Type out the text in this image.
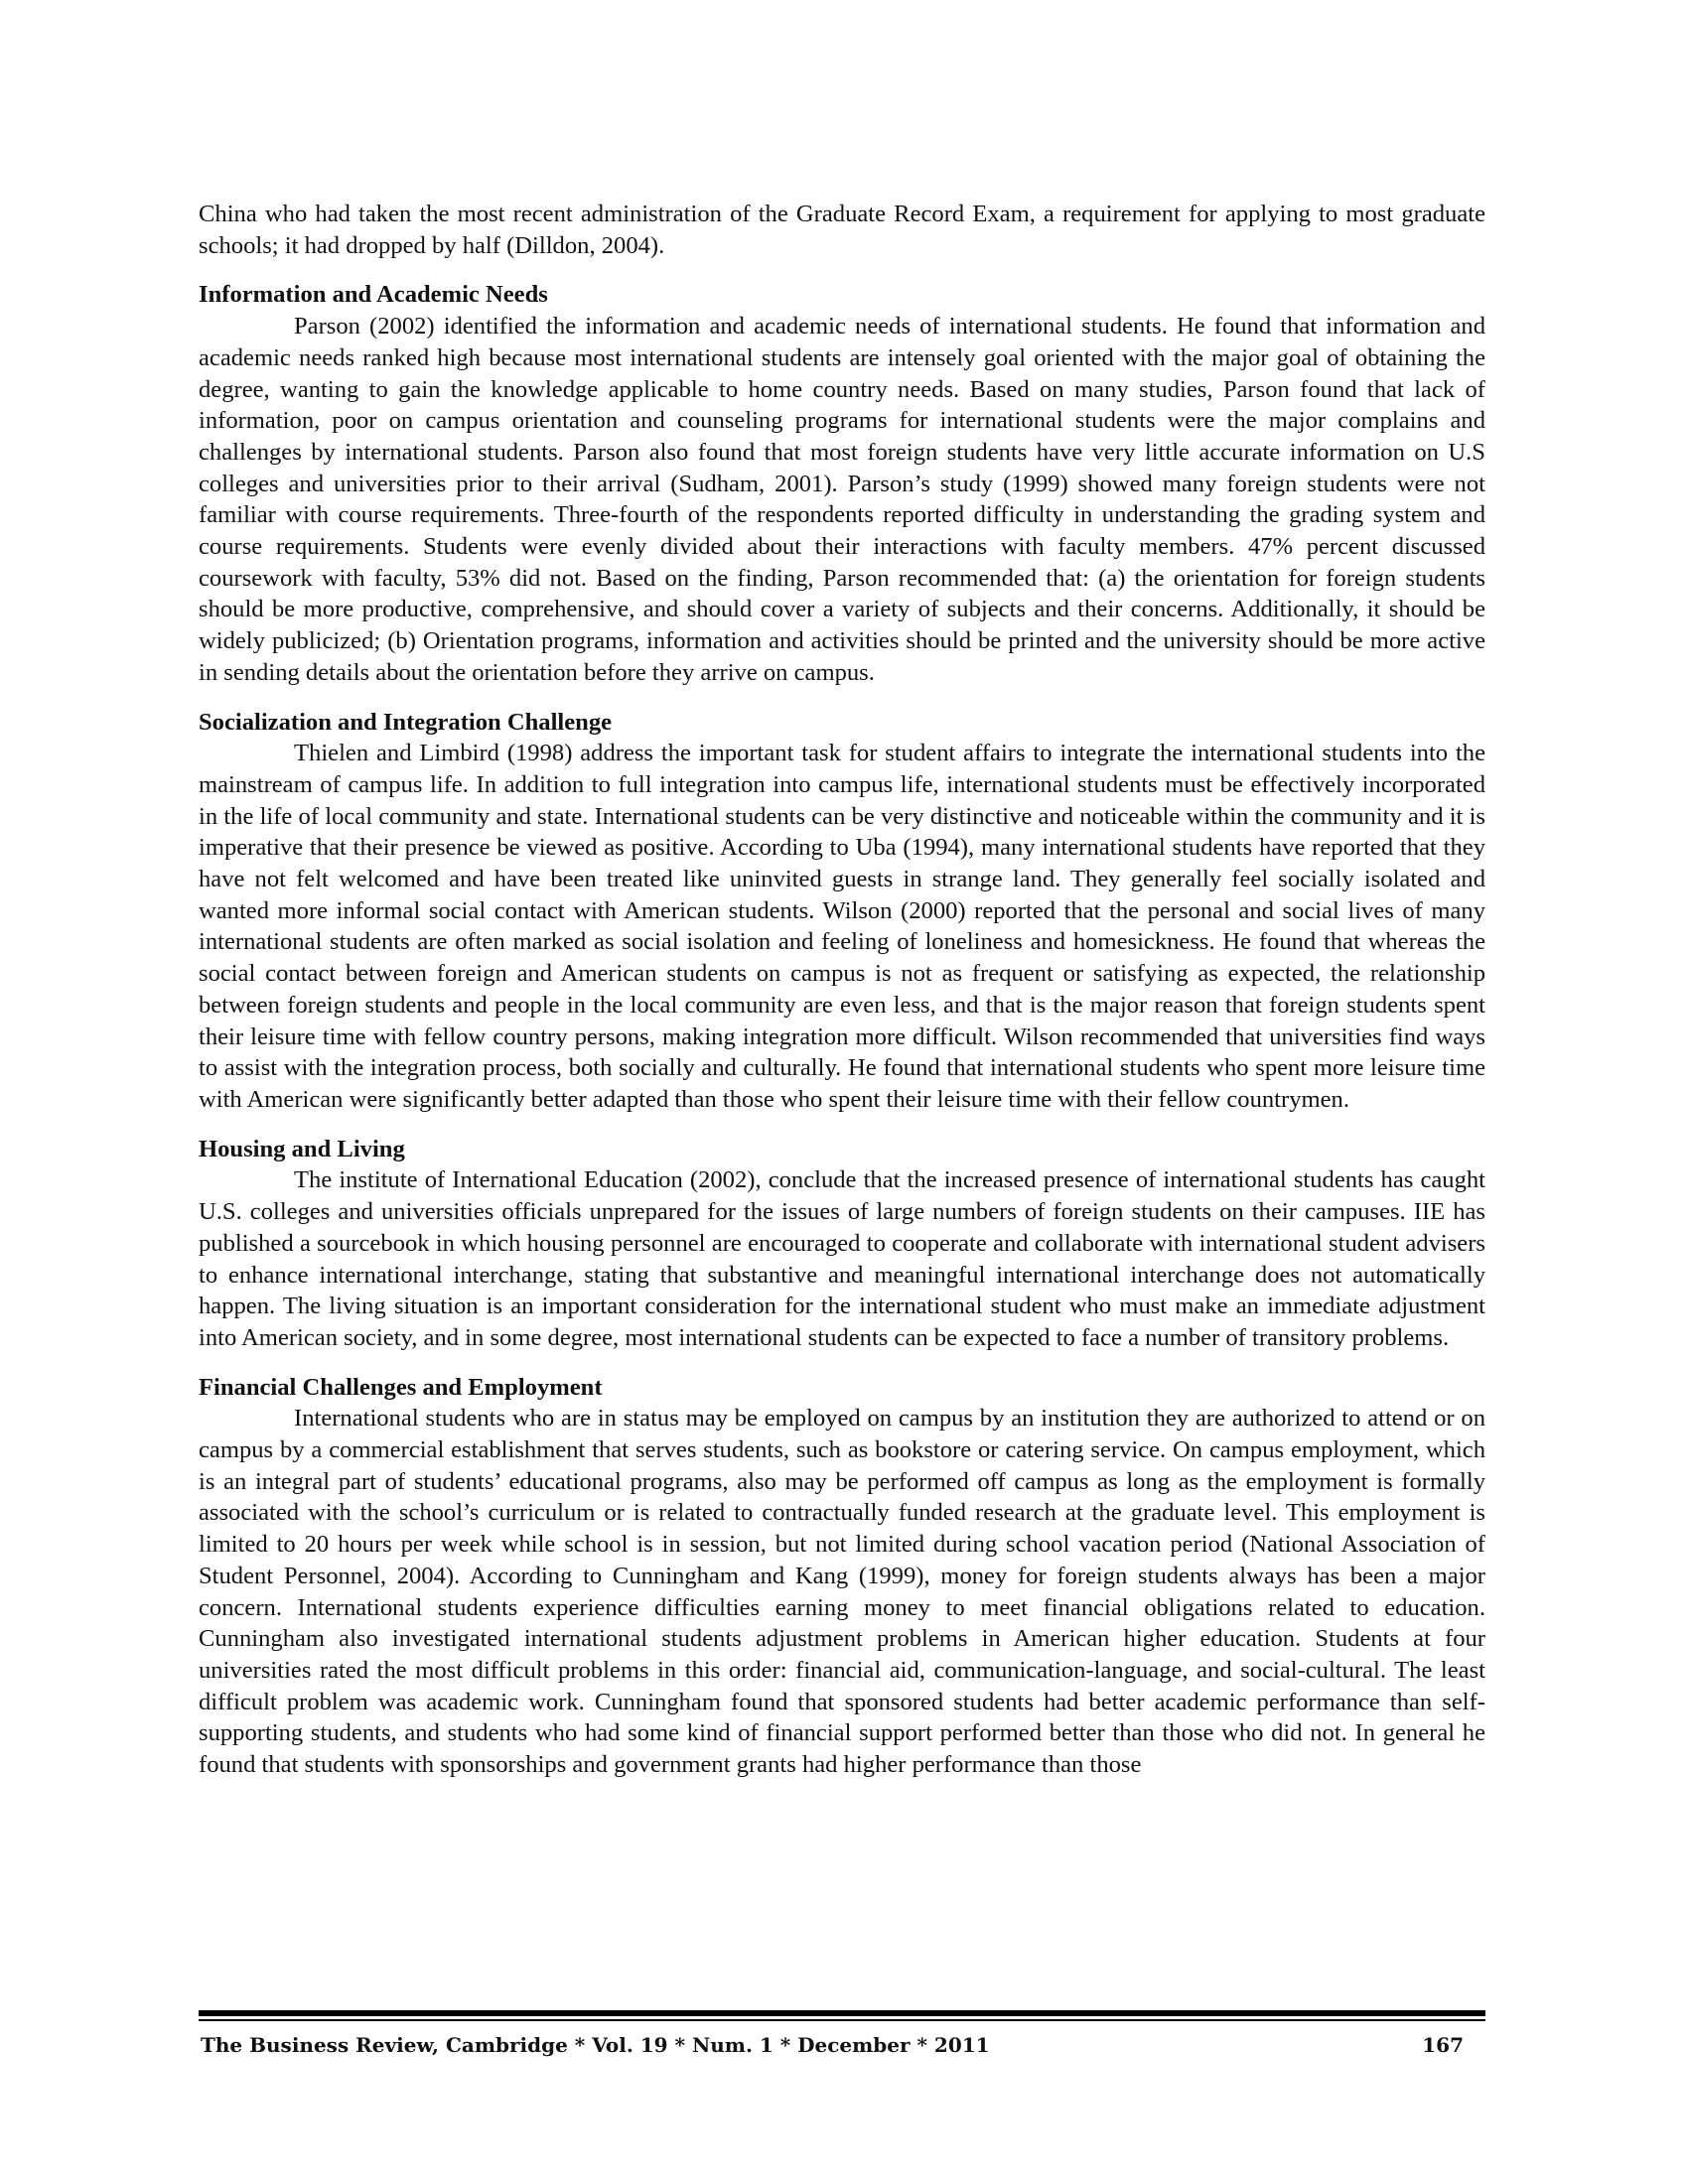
China who had taken the most recent administration of the Graduate Record Exam, a requirement for applying to most graduate schools; it had dropped by half (Dilldon, 2004).

Information and Academic Needs

Parson (2002) identified the information and academic needs of international students. He found that information and academic needs ranked high because most international students are intensely goal oriented with the major goal of obtaining the degree, wanting to gain the knowledge applicable to home country needs. Based on many studies, Parson found that lack of information, poor on campus orientation and counseling programs for international students were the major complains and challenges by international students. Parson also found that most foreign students have very little accurate information on U.S colleges and universities prior to their arrival (Sudham, 2001). Parson’s study (1999) showed many foreign students were not familiar with course requirements. Three-fourth of the respondents reported difficulty in understanding the grading system and course requirements. Students were evenly divided about their interactions with faculty members. 47% percent discussed coursework with faculty, 53% did not. Based on the finding, Parson recommended that: (a) the orientation for foreign students should be more productive, comprehensive, and should cover a variety of subjects and their concerns. Additionally, it should be widely publicized; (b) Orientation programs, information and activities should be printed and the university should be more active in sending details about the orientation before they arrive on campus.

Socialization and Integration Challenge

Thielen and Limbird (1998) address the important task for student affairs to integrate the international students into the mainstream of campus life. In addition to full integration into campus life, international students must be effectively incorporated in the life of local community and state. International students can be very distinctive and noticeable within the community and it is imperative that their presence be viewed as positive. According to Uba (1994), many international students have reported that they have not felt welcomed and have been treated like uninvited guests in strange land. They generally feel socially isolated and wanted more informal social contact with American students. Wilson (2000) reported that the personal and social lives of many international students are often marked as social isolation and feeling of loneliness and homesickness. He found that whereas the social contact between foreign and American students on campus is not as frequent or satisfying as expected, the relationship between foreign students and people in the local community are even less, and that is the major reason that foreign students spent their leisure time with fellow country persons, making integration more difficult. Wilson recommended that universities find ways to assist with the integration process, both socially and culturally. He found that international students who spent more leisure time with American were significantly better adapted than those who spent their leisure time with their fellow countrymen.

Housing and Living

The institute of International Education (2002), conclude that the increased presence of international students has caught U.S. colleges and universities officials unprepared for the issues of large numbers of foreign students on their campuses. IIE has published a sourcebook in which housing personnel are encouraged to cooperate and collaborate with international student advisers to enhance international interchange, stating that substantive and meaningful international interchange does not automatically happen. The living situation is an important consideration for the international student who must make an immediate adjustment into American society, and in some degree, most international students can be expected to face a number of transitory problems.

Financial Challenges and Employment

International students who are in status may be employed on campus by an institution they are authorized to attend or on campus by a commercial establishment that serves students, such as bookstore or catering service. On campus employment, which is an integral part of students’ educational programs, also may be performed off campus as long as the employment is formally associated with the school’s curriculum or is related to contractually funded research at the graduate level. This employment is limited to 20 hours per week while school is in session, but not limited during school vacation period (National Association of Student Personnel, 2004). According to Cunningham and Kang (1999), money for foreign students always has been a major concern. International students experience difficulties earning money to meet financial obligations related to education. Cunningham also investigated international students adjustment problems in American higher education. Students at four universities rated the most difficult problems in this order: financial aid, communication-language, and social-cultural. The least difficult problem was academic work. Cunningham found that sponsored students had better academic performance than self-supporting students, and students who had some kind of financial support performed better than those who did not. In general he found that students with sponsorships and government grants had higher performance than those

The Business Review, Cambridge * Vol. 19 * Num. 1 * December * 2011	167
